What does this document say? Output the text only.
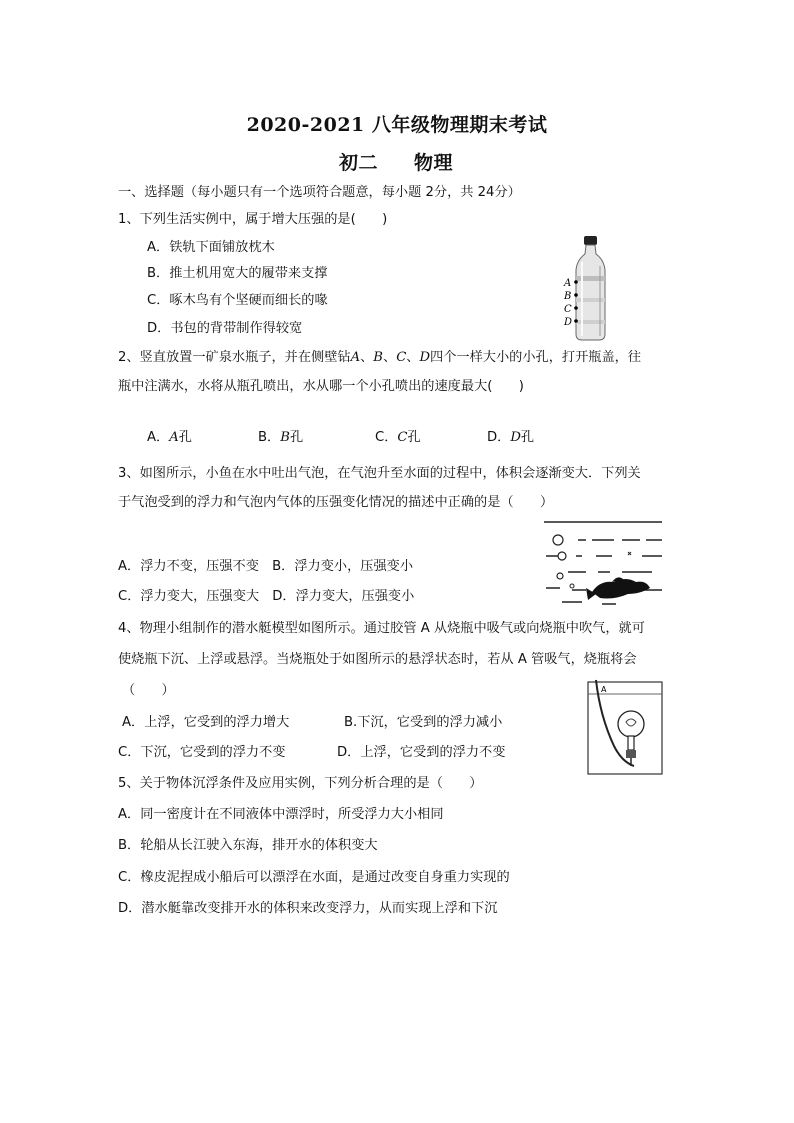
2020-2021 八年级物理期末考试
初二 物理
一、选择题（每小题只有一个选项符合题意，每小题 2分，共 24分）
1、下列生活实例中，属于增大压强的是(　　)
A．铁轨下面铺放枕木
B．推土机用宽大的履带来支撑
C．啄木鸟有个坚硬而细长的喙
D．书包的背带制作得较宽
A
B
C
D
2、竖直放置一矿泉水瓶子，并在侧壁钻A、B、C、D四个一样大小的小孔，打开瓶盖，往
瓶中注满水，水将从瓶孔喷出，水从哪一个小孔喷出的速度最大(　　)
A．A孔	B．B孔	C．C孔	D．D孔
3、如图所示，小鱼在水中吐出气泡，在气泡升至水面的过程中，体积会逐渐变大．下列关
于气泡受到的浮力和气泡内气体的压强变化情况的描述中正确的是（　　）
A．浮力不变，压强不变　B．浮力变小，压强变小
C．浮力变大，压强变大　D．浮力变大，压强变小
4、物理小组制作的潜水艇模型如图所示。通过胶管 A 从烧瓶中吸气或向烧瓶中吹气，就可
使烧瓶下沉、上浮或悬浮。当烧瓶处于如图所示的悬浮状态时，若从 A 管吸气，烧瓶将会
（　　）
A．上浮，它受到的浮力增大	B.下沉，它受到的浮力减小
C．下沉，它受到的浮力不变	D．上浮，它受到的浮力不变
A
5、关于物体沉浮条件及应用实例，下列分析合理的是（　　）
A．同一密度计在不同液体中漂浮时，所受浮力大小相同
B．轮船从长江驶入东海，排开水的体积变大
C．橡皮泥捏成小船后可以漂浮在水面，是通过改变自身重力实现的
D．潜水艇靠改变排开水的体积来改变浮力，从而实现上浮和下沉
